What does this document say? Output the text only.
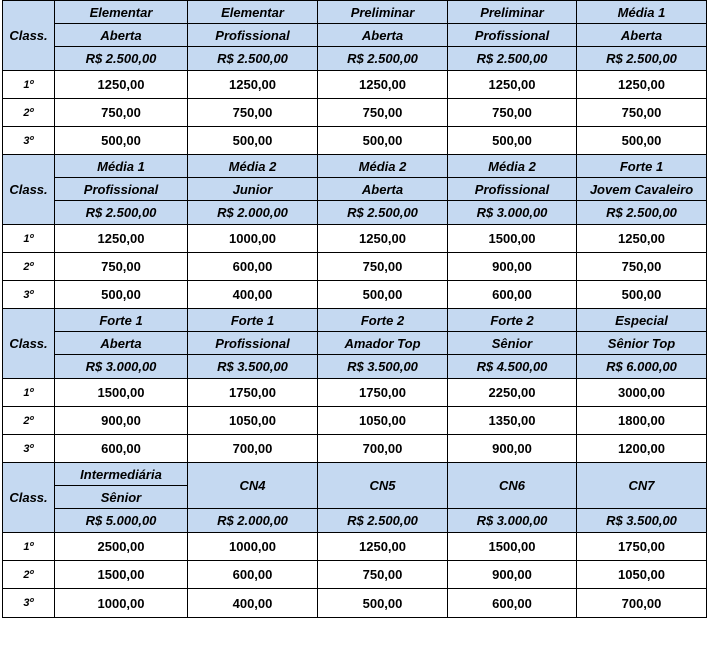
Class.	Elementar	Elementar	Preliminar	Preliminar	Média 1
	Aberta	Profissional	Aberta	Profissional	Aberta
	R$ 2.500,00	R$ 2.500,00	R$ 2.500,00	R$ 2.500,00	R$ 2.500,00
1º	1250,00	1250,00	1250,00	1250,00	1250,00
2º	750,00	750,00	750,00	750,00	750,00
3º	500,00	500,00	500,00	500,00	500,00
Class.	Média 1	Média 2	Média 2	Média 2	Forte 1
	Profissional	Junior	Aberta	Profissional	Jovem Cavaleiro
	R$ 2.500,00	R$ 2.000,00	R$ 2.500,00	R$ 3.000,00	R$ 2.500,00
1º	1250,00	1000,00	1250,00	1500,00	1250,00
2º	750,00	600,00	750,00	900,00	750,00
3º	500,00	400,00	500,00	600,00	500,00
Class.	Forte 1	Forte 1	Forte 2	Forte 2	Especial
	Aberta	Profissional	Amador Top	Sênior	Sênior Top
	R$ 3.000,00	R$ 3.500,00	R$ 3.500,00	R$ 4.500,00	R$ 6.000,00
1º	1500,00	1750,00	1750,00	2250,00	3000,00
2º	900,00	1050,00	1050,00	1350,00	1800,00
3º	600,00	700,00	700,00	900,00	1200,00
Class.	Intermediária	CN4	CN5	CN6	CN7
	Sênior				
	R$ 5.000,00	R$ 2.000,00	R$ 2.500,00	R$ 3.000,00	R$ 3.500,00
1º	2500,00	1000,00	1250,00	1500,00	1750,00
2º	1500,00	600,00	750,00	900,00	1050,00
3º	1000,00	400,00	500,00	600,00	700,00
